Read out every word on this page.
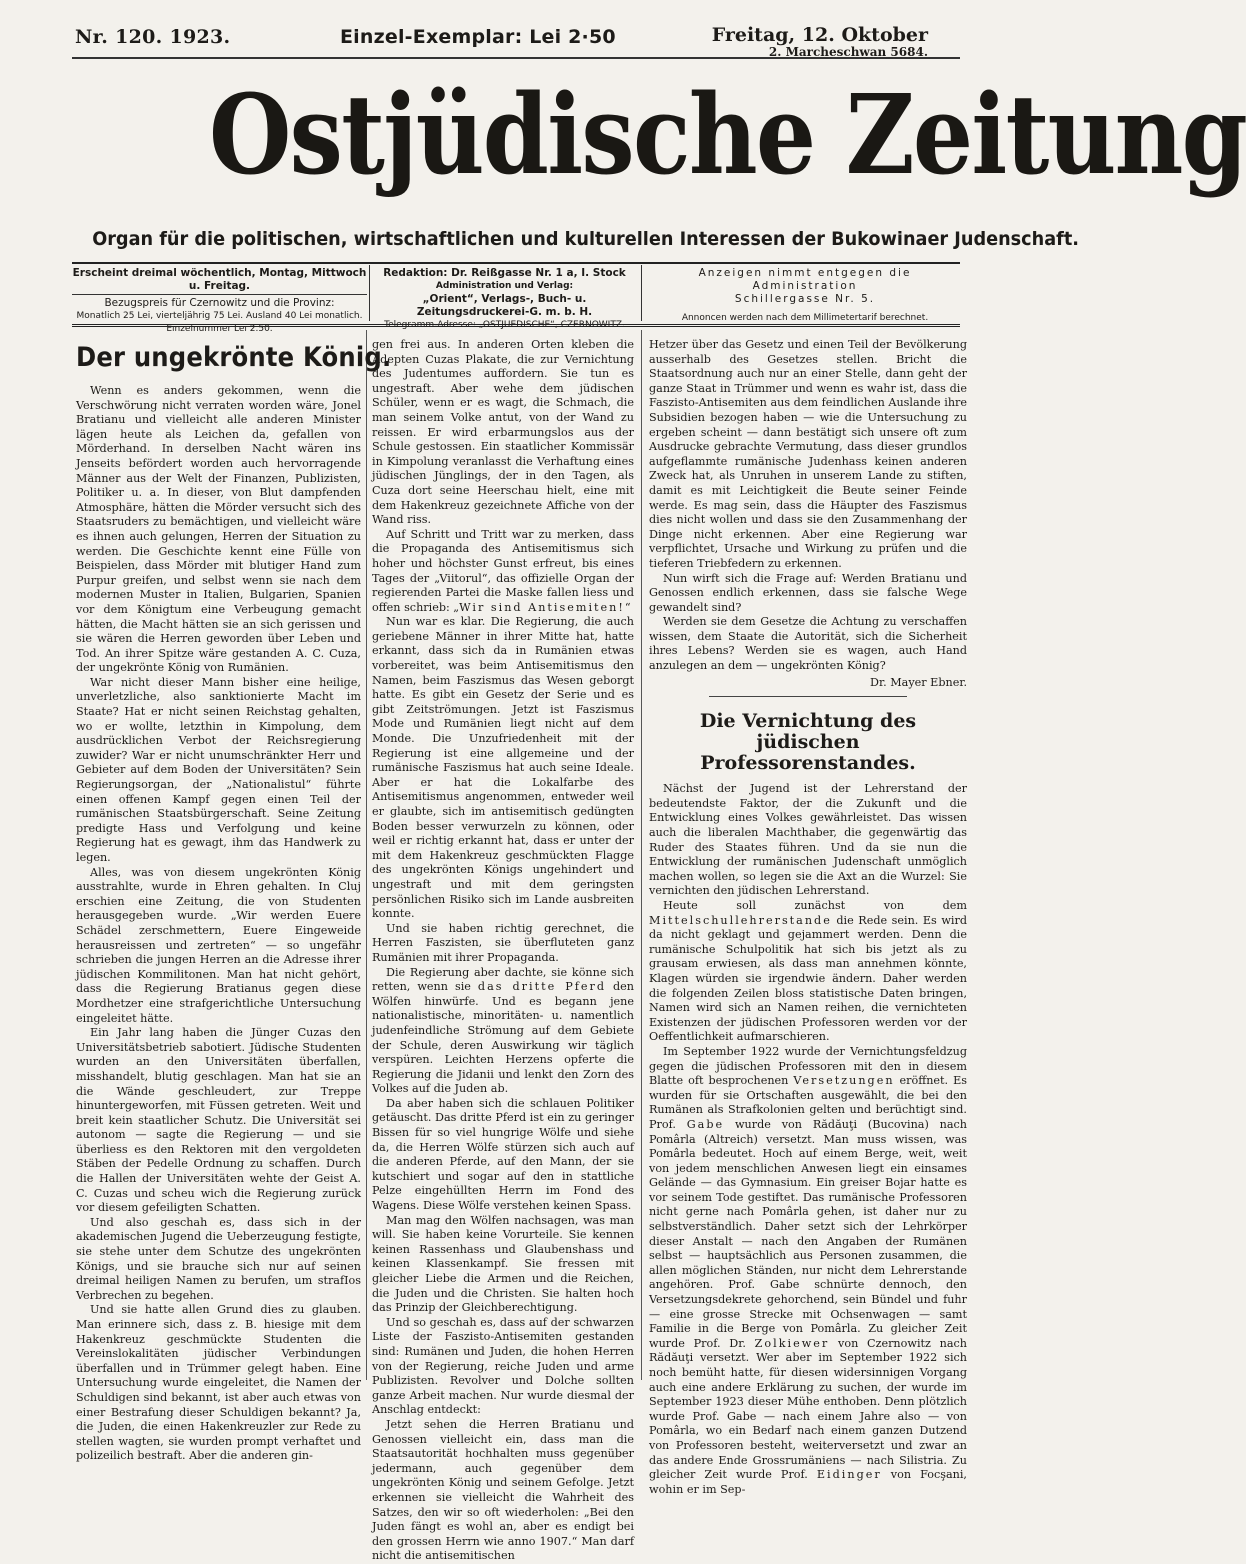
Nr. 120. 1923.	Einzel-Exemplar: Lei 2·50	Freitag, 12. Oktober
2. Marcheschwan 5684.
Ostjüdische Zeitung
Organ für die politischen, wirtschaftlichen und kulturellen Interessen der Bukowinaer Judenschaft.
Erscheint dreimal wöchentlich, Montag, Mittwoch u. Freitag.
Bezugspreis für Czernowitz und die Provinz:
Monatlich 25 Lei, vierteljährig 75 Lei. Ausland 40 Lei monatlich.
Einzelnummer Lei 2.50.
Redaktion: Dr. Reißgasse Nr. 1 a, I. Stock
Administration und Verlag:
„Orient“, Verlags-, Buch- u. Zeitungsdruckerei-G. m. b. H.
Telegramm-Adresse: „OSTJUEDISCHE“, CZERNOWITZ.
Anzeigen nimmt entgegen die Administration
Schillergasse Nr. 5.
Annoncen werden nach dem Millimetertarif berechnet.
Der ungekrönte König.

Wenn es anders gekommen, wenn die Verschwörung nicht verraten worden wäre, Jonel Bratianu und vielleicht alle anderen Minister lägen heute als Leichen da, gefallen von Mörderhand. In derselben Nacht wären ins Jenseits befördert worden auch hervorragende Männer aus der Welt der Finanzen, Publizisten, Politiker u. a. In dieser, von Blut dampfenden Atmosphäre, hätten die Mörder versucht sich des Staatsruders zu bemächtigen, und vielleicht wäre es ihnen auch gelungen, Herren der Situation zu werden. Die Geschichte kennt eine Fülle von Beispielen, dass Mörder mit blutiger Hand zum Purpur greifen, und selbst wenn sie nach dem modernen Muster in Italien, Bulgarien, Spanien vor dem Königtum eine Verbeugung gemacht hätten, die Macht hätten sie an sich gerissen und sie wären die Herren geworden über Leben und Tod. An ihrer Spitze wäre gestanden A. C. Cuza, der ungekrönte König von Rumänien.

War nicht dieser Mann bisher eine heilige, unverletzliche, also sanktionierte Macht im Staate? Hat er nicht seinen Reichstag gehalten, wo er wollte, letzthin in Kimpolung, dem ausdrücklichen Verbot der Reichsregierung zuwider? War er nicht unumschränkter Herr und Gebieter auf dem Boden der Universitäten? Sein Regierungsorgan, der „Nationalistul“ führte einen offenen Kampf gegen einen Teil der rumänischen Staatsbürgerschaft. Seine Zeitung predigte Hass und Verfolgung und keine Regierung hat es gewagt, ihm das Handwerk zu legen.

Alles, was von diesem ungekrönten König ausstrahlte, wurde in Ehren gehalten. In Cluj erschien eine Zeitung, die von Studenten herausgegeben wurde. „Wir werden Euere Schädel zerschmettern, Euere Eingeweide herausreissen und zertreten“ — so ungefähr schrieben die jungen Herren an die Adresse ihrer jüdischen Kommilitonen. Man hat nicht gehört, dass die Regierung Bratianus gegen diese Mordhetzer eine strafgerichtliche Untersuchung eingeleitet hätte.

Ein Jahr lang haben die Jünger Cuzas den Universitätsbetrieb sabotiert. Jüdische Studenten wurden an den Universitäten überfallen, misshandelt, blutig geschlagen. Man hat sie an die Wände geschleudert, zur Treppe hinuntergeworfen, mit Füssen getreten. Weit und breit kein staatlicher Schutz. Die Universität sei autonom — sagte die Regierung — und sie überliess es den Rektoren mit den vergoldeten Stäben der Pedelle Ordnung zu schaffen. Durch die Hallen der Universitäten wehte der Geist A. C. Cuzas und scheu wich die Regierung zurück vor diesem gefeiligten Schatten.

Und also geschah es, dass sich in der akademischen Jugend die Ueberzeugung festigte, sie stehe unter dem Schutze des ungekrönten Königs, und sie brauche sich nur auf seinen dreimal heiligen Namen zu berufen, um strafIos Verbrechen zu begehen.

Und sie hatte allen Grund dies zu glauben. Man erinnere sich, dass z. B. hiesige mit dem Hakenkreuz geschmückte Studenten die Vereinslokalitäten jüdischer Verbindungen überfallen und in Trümmer gelegt haben. Eine Untersuchung wurde eingeleitet, die Namen der Schuldigen sind bekannt, ist aber auch etwas von einer Bestrafung dieser Schuldigen bekannt? Ja, die Juden, die einen Hakenkreuzler zur Rede zu stellen wagten, sie wurden prompt verhaftet und polizeilich bestraft. Aber die anderen gin-

gen frei aus. In anderen Orten kleben die Adepten Cuzas Plakate, die zur Vernichtung des Judentumes auffordern. Sie tun es ungestraft. Aber wehe dem jüdischen Schüler, wenn er es wagt, die Schmach, die man seinem Volke antut, von der Wand zu reissen. Er wird erbarmungslos aus der Schule gestossen. Ein staatlicher Kommissär in Kimpolung veranlasst die Verhaftung eines jüdischen Jünglings, der in den Tagen, als Cuza dort seine Heerschau hielt, eine mit dem Hakenkreuz gezeichnete Affiche von der Wand riss.

Auf Schritt und Tritt war zu merken, dass die Propaganda des Antisemitismus sich hoher und höchster Gunst erfreut, bis eines Tages der „Viitorul“, das offizielle Organ der regierenden Partei die Maske fallen liess und offen schrieb: „Wir sind Antisemiten!“

Nun war es klar. Die Regierung, die auch geriebene Männer in ihrer Mitte hat, hatte erkannt, dass sich da in Rumänien etwas vorbereitet, was beim Antisemitismus den Namen, beim Faszismus das Wesen geborgt hatte. Es gibt ein Gesetz der Serie und es gibt Zeitströmungen. Jetzt ist Faszismus Mode und Rumänien liegt nicht auf dem Monde. Die Unzufriedenheit mit der Regierung ist eine allgemeine und der rumänische Faszismus hat auch seine Ideale. Aber er hat die Lokalfarbe des Antisemitismus angenommen, entweder weil er glaubte, sich im antisemitisch gedüngten Boden besser verwurzeln zu können, oder weil er richtig erkannt hat, dass er unter der mit dem Hakenkreuz geschmückten Flagge des ungekrönten Königs ungehindert und ungestraft und mit dem geringsten persönlichen Risiko sich im Lande ausbreiten konnte.

Und sie haben richtig gerechnet, die Herren Faszisten, sie überfluteten ganz Rumänien mit ihrer Propaganda.

Die Regierung aber dachte, sie könne sich retten, wenn sie das dritte Pferd den Wölfen hinwürfe. Und es begann jene nationalistische, minoritäten- u. namentlich judenfeindliche Strömung auf dem Gebiete der Schule, deren Auswirkung wir täglich verspüren. Leichten Herzens opferte die Regierung die Jidanii und lenkt den Zorn des Volkes auf die Juden ab.

Da aber haben sich die schlauen Politiker getäuscht. Das dritte Pferd ist ein zu geringer Bissen für so viel hungrige Wölfe und siehe da, die Herren Wölfe stürzen sich auch auf die anderen Pferde, auf den Mann, der sie kutschiert und sogar auf den in stattliche Pelze eingehüllten Herrn im Fond des Wagens. Diese Wölfe verstehen keinen Spass.

Man mag den Wölfen nachsagen, was man will. Sie haben keine Vorurteile. Sie kennen keinen Rassenhass und Glaubenshass und keinen Klassenkampf. Sie fressen mit gleicher Liebe die Armen und die Reichen, die Juden und die Christen. Sie halten hoch das Prinzip der Gleichberechtigung.

Und so geschah es, dass auf der schwarzen Liste der Faszisto-Antisemiten gestanden sind: Rumänen und Juden, die hohen Herren von der Regierung, reiche Juden und arme Publizisten. Revolver und Dolche sollten ganze Arbeit machen. Nur wurde diesmal der Anschlag entdeckt:

Jetzt sehen die Herren Bratianu und Genossen vielleicht ein, dass man die Staatsautorität hochhalten muss gegenüber jedermann, auch gegenüber dem ungekrönten König und seinem Gefolge. Jetzt erkennen sie vielleicht die Wahrheit des Satzes, den wir so oft wiederholen: „Bei den Juden fängt es wohl an, aber es endigt bei den grossen Herrn wie anno 1907.“ Man darf nicht die antisemitischen

Hetzer über das Gesetz und einen Teil der Bevölkerung ausserhalb des Gesetzes stellen. Bricht die Staatsordnung auch nur an einer Stelle, dann geht der ganze Staat in Trümmer und wenn es wahr ist, dass die Faszisto-Antisemiten aus dem feindlichen Auslande ihre Subsidien bezogen haben — wie die Untersuchung zu ergeben scheint — dann bestätigt sich unsere oft zum Ausdrucke gebrachte Vermutung, dass dieser grundlos aufgeflammte rumänische Judenhass keinen anderen Zweck hat, als Unruhen in unserem Lande zu stiften, damit es mit Leichtigkeit die Beute seiner Feinde werde. Es mag sein, dass die Häupter des Faszismus dies nicht wollen und dass sie den Zusammenhang der Dinge nicht erkennen. Aber eine Regierung war verpflichtet, Ursache und Wirkung zu prüfen und die tieferen Triebfedern zu erkennen.

Nun wirft sich die Frage auf: Werden Bratianu und Genossen endlich erkennen, dass sie falsche Wege gewandelt sind?

Werden sie dem Gesetze die Achtung zu verschaffen wissen, dem Staate die Autorität, sich die Sicherheit ihres Lebens? Werden sie es wagen, auch Hand anzulegen an dem — ungekrönten König?

Dr. Mayer Ebner.
Die Vernichtung des jüdischen
Professorenstandes.

Nächst der Jugend ist der Lehrerstand der bedeutendste Faktor, der die Zukunft und die Entwicklung eines Volkes gewährleistet. Das wissen auch die liberalen Machthaber, die gegenwärtig das Ruder des Staates führen. Und da sie nun die Entwicklung der rumänischen Judenschaft unmöglich machen wollen, so legen sie die Axt an die Wurzel: Sie vernichten den jüdischen Lehrerstand.

Heute soll zunächst von dem Mittelschullehrerstande die Rede sein. Es wird da nicht geklagt und gejammert werden. Denn die rumänische Schulpolitik hat sich bis jetzt als zu grausam erwiesen, als dass man annehmen könnte, Klagen würden sie irgendwie ändern. Daher werden die folgenden Zeilen bloss statistische Daten bringen, Namen wird sich an Namen reihen, die vernichteten Existenzen der jüdischen Professoren werden vor der Oeffentlichkeit aufmarschieren.

Im September 1922 wurde der Vernichtungsfeldzug gegen die jüdischen Professoren mit den in diesem Blatte oft besprochenen Versetzungen eröffnet. Es wurden für sie Ortschaften ausgewählt, die bei den Rumänen als Strafkolonien gelten und berüchtigt sind. Prof. Gabe wurde von Rădăuţi (Bucovina) nach Pomârla (Altreich) versetzt. Man muss wissen, was Pomârla bedeutet. Hoch auf einem Berge, weit, weit von jedem menschlichen Anwesen liegt ein einsames Gelände — das Gymnasium. Ein greiser Bojar hatte es vor seinem Tode gestiftet. Das rumänische Professoren nicht gerne nach Pomârla gehen, ist daher nur zu selbstverständlich. Daher setzt sich der Lehrkörper dieser Anstalt — nach den Angaben der Rumänen selbst — hauptsächlich aus Personen zusammen, die allen möglichen Ständen, nur nicht dem Lehrerstande angehören. Prof. Gabe schnürte dennoch, den Versetzungsdekrete gehorchend, sein Bündel und fuhr — eine grosse Strecke mit Ochsenwagen — samt Familie in die Berge von Pomârla. Zu gleicher Zeit wurde Prof. Dr. Zolkiewer von Czernowitz nach Rădăuţi versetzt. Wer aber im September 1922 sich noch bemüht hatte, für diesen widersinnigen Vorgang auch eine andere Erklärung zu suchen, der wurde im September 1923 dieser Mühe enthoben. Denn plötzlich wurde Prof. Gabe — nach einem Jahre also — von Pomârla, wo ein Bedarf nach einem ganzen Dutzend von Professoren besteht, weiterversetzt und zwar an das andere Ende Grossrumäniens — nach Silistria. Zu gleicher Zeit wurde Prof. Eidinger von Focşani, wohin er im Sep-
